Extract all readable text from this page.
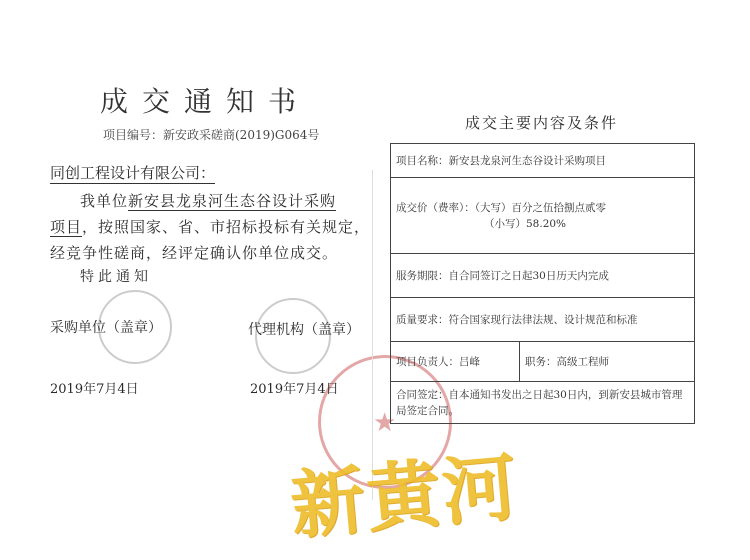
成交通知书
项目编号：新安政采磋商(2019)G064号
同创工程设计有限公司：
我单位新安县龙泉河生态谷设计采购
项目，按照国家、省、市招标投标有关规定，
经竞争性磋商，经评定确认你单位成交。
特此通知
★
采购单位（盖章）	代理机构（盖章）
2019年7月4日	2019年7月4日
成交主要内容及条件
项目名称：新安县龙泉河生态谷设计采购项目

成交价（费率）：（大写）百分之伍拾捌点贰零
（小写）58.20%

服务期限：自合同签订之日起30日历天内完成
质量要求：符合国家现行法律法规、设计规范和标准
项目负责人：吕峰	职务：高级工程师
合同签定：自本通知书发出之日起30日内，到新安县城市管理局签定合同。
新黄河
